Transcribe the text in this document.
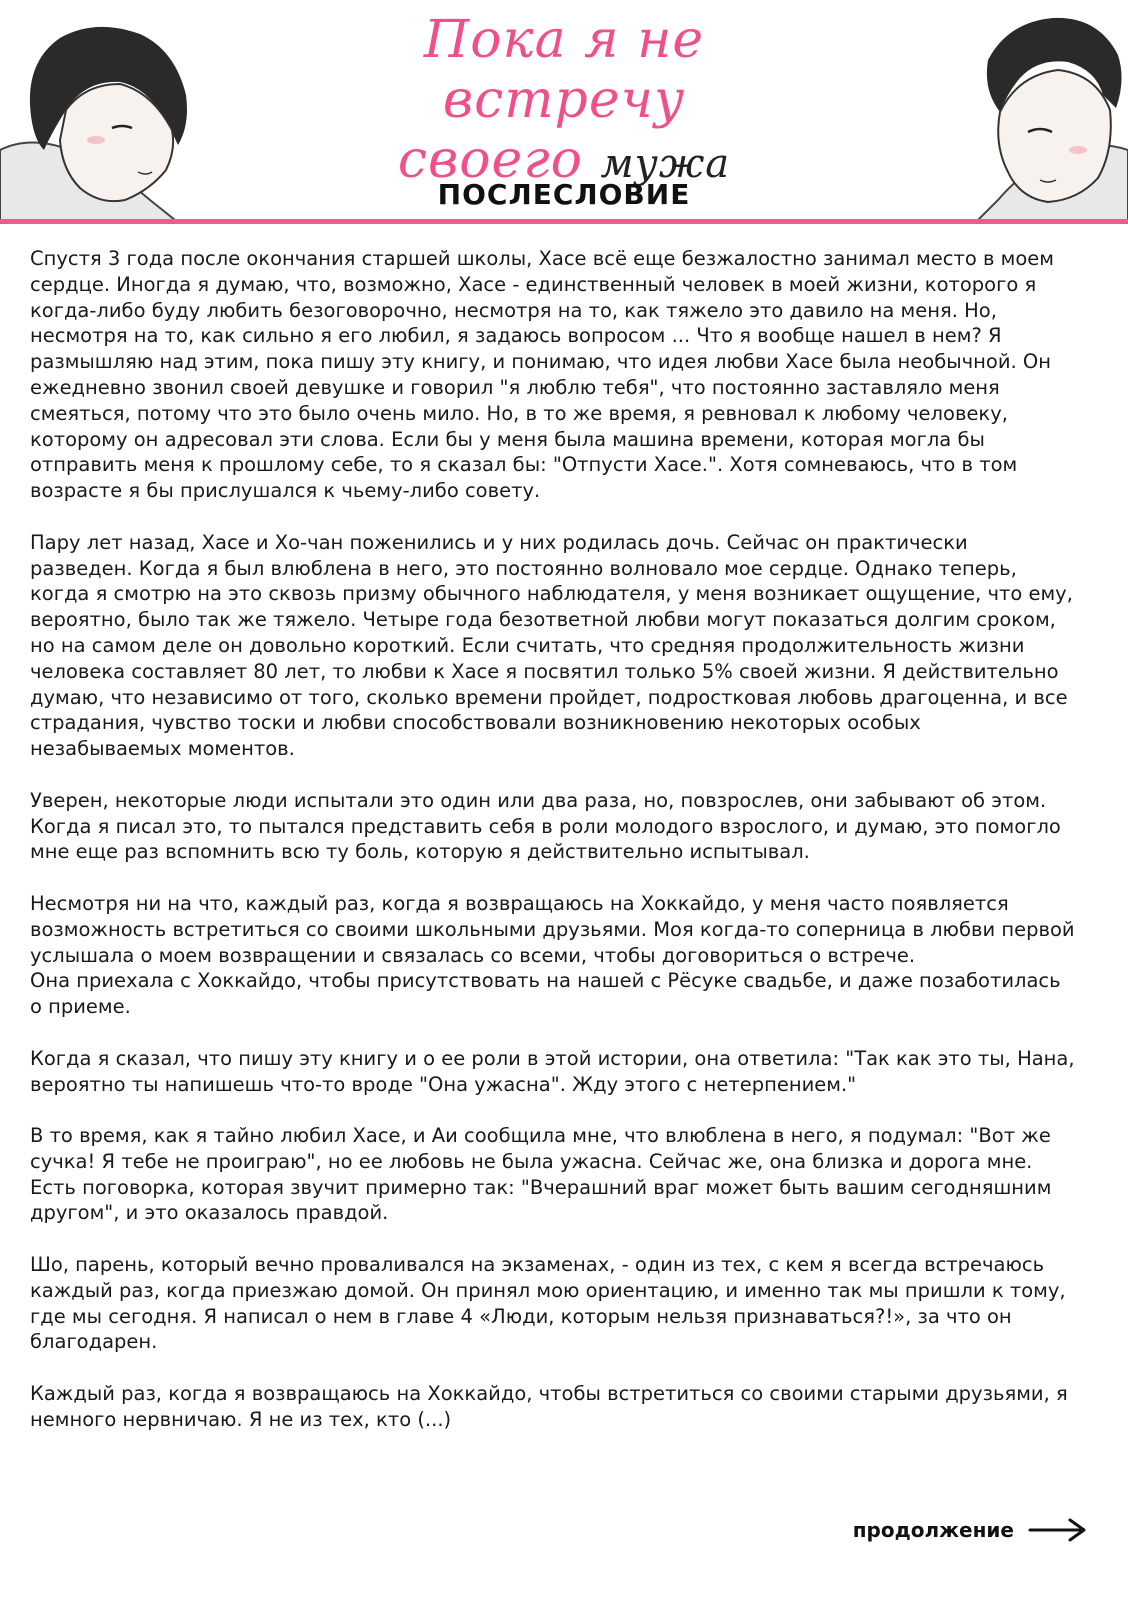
Пока я не встречу
своего мужа
ПОСЛЕСЛОВИЕ

Спустя 3 года после окончания старшей школы, Хасе всё еще безжалостно занимал место в моем сердце. Иногда я думаю, что, возможно, Хасе - единственный человек в моей жизни, которого я когда-либо буду любить безоговорочно, несмотря на то, как тяжело это давило на меня. Но, несмотря на то, как сильно я его любил, я задаюсь вопросом ... Что я вообще нашел в нем? Я размышляю над этим, пока пишу эту книгу, и понимаю, что идея любви Хасе была необычной. Он ежедневно звонил своей девушке и говорил "я люблю тебя", что постоянно заставляло меня смеяться, потому что это было очень мило. Но, в то же время, я ревновал к любому человеку, которому он адресовал эти слова. Если бы у меня была машина времени, которая могла бы отправить меня к прошлому себе, то я сказал бы: "Отпусти Хасе.". Хотя сомневаюсь, что в том возрасте я бы прислушался к чьему-либо совету.

Пару лет назад, Хасе и Хо-чан поженились и у них родилась дочь. Сейчас он практически разведен. Когда я был влюблена в него, это постоянно волновало мое сердце. Однако теперь, когда я смотрю на это сквозь призму обычного наблюдателя, у меня возникает ощущение, что ему, вероятно, было так же тяжело. Четыре года безответной любви могут показаться долгим сроком, но на самом деле он довольно короткий. Если считать, что средняя продолжительность жизни человека составляет 80 лет, то любви к Хасе я посвятил только 5% своей жизни. Я действительно думаю, что независимо от того, сколько времени пройдет, подростковая любовь драгоценна, и все страдания, чувство тоски и любви способствовали возникновению некоторых особых незабываемых моментов.

Уверен, некоторые люди испытали это один или два раза, но, повзрослев, они забывают об этом. Когда я писал это, то пытался представить себя в роли молодого взрослого, и думаю, это помогло мне еще раз вспомнить всю ту боль, которую я действительно испытывал.

Несмотря ни на что, каждый раз, когда я возвращаюсь на Хоккайдо, у меня часто появляется возможность встретиться со своими школьными друзьями. Моя когда-то соперница в любви первой услышала о моем возвращении и связалась со всеми, чтобы договориться о встрече.
Она приехала с Хоккайдо, чтобы присутствовать на нашей с Рёсуке свадьбе, и даже позаботилась о приеме.

Когда я сказал, что пишу эту книгу и о ее роли в этой истории, она ответила: "Так как это ты, Нана, вероятно ты напишешь что-то вроде "Она ужасна". Жду этого с нетерпением."

В то время, как я тайно любил Хасе, и Аи сообщила мне, что влюблена в него, я подумал: "Вот же сучка! Я тебе не проиграю", но ее любовь не была ужасна. Сейчас же, она близка и дорога мне. Есть поговорка, которая звучит примерно так: "Вчерашний враг может быть вашим сегодняшним другом", и это оказалось правдой.

Шо, парень, который вечно проваливался на экзаменах, - один из тех, с кем я всегда встречаюсь каждый раз, когда приезжаю домой. Он принял мою ориентацию, и именно так мы пришли к тому, где мы сегодня. Я написал о нем в главе 4 «Люди, которым нельзя признаваться?!», за что он благодарен.

Каждый раз, когда я возвращаюсь на Хоккайдо, чтобы встретиться со своими старыми друзьями, я немного нервничаю. Я не из тех, кто (...)

продолжение
